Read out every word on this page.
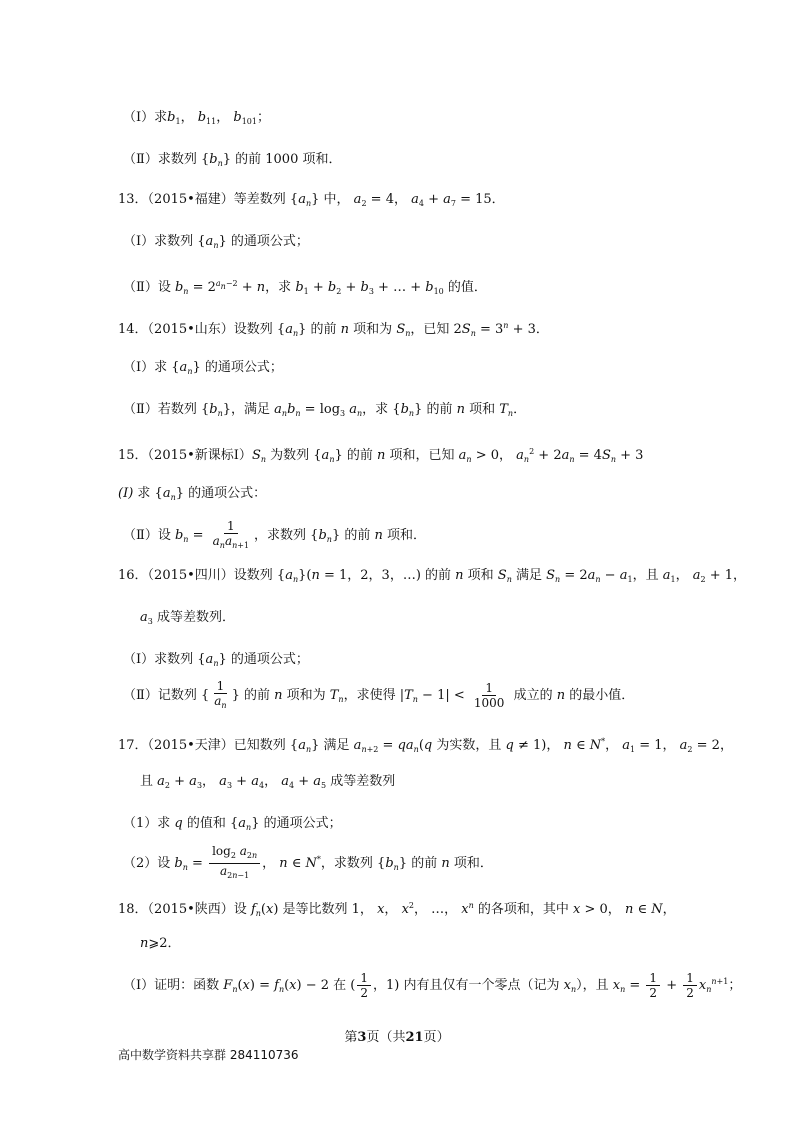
（Ⅰ）求$b_1$， $b_{11}$， $b_{101}$；
（Ⅱ）求数列 $\{b_n\}$ 的前 1000 项和．
13．（2015•福建）等差数列 $\{a_n\}$ 中， $a_2 = 4$， $a_4 + a_7 = 15$．
（Ⅰ）求数列 $\{a_n\}$ 的通项公式；
（Ⅱ）设 $b_n = 2^{a_n-2} + n$，求 $b_1 + b_2 + b_3$ + … + $b_{10}$ 的值．
14．（2015•山东）设数列 $\{a_n\}$ 的前 n 项和为 $S_n$，已知 $2S_n = 3^n + 3$．
（Ⅰ）求 $\{a_n\}$ 的通项公式；
（Ⅱ）若数列 $\{b_n\}$，满足 $a_nb_n = \log_3 a_n$，求 $\{b_n\}$ 的前 n 项和 $T_n$．
15．（2015•新课标$Ⅰ)S_n$ 为数列 $\{a_n\}$ 的前 n 项和，已知 $a_n > 0$， $a_n^2 + 2a_n = 4S_n + 3$
(I) 求 $\{a_n\}$ 的通项公式：
（Ⅱ）设 $b_n = \frac{1}{a_na_{n+1}}$ ，求数列 $\{b_n\}$ 的前 n 项和．
16．（2015•四川）设数列 $\{a_n\}(n = 1$，2，3，…) 的前 n 项和 $S_n$ 满足 $S_n = 2a_n - a_1$，且 $a_1$， $a_2 + 1$，
$a_3$ 成等差数列．
（Ⅰ）求数列 $\{a_n\}$ 的通项公式；
（Ⅱ）记数列 { $\frac{1}{a_n}$ } 的前 n 项和为 $T_n$，求使得 $|T_n - 1| < \frac{1}{1000}$ 成立的 n 的最小值．
17．（2015•天津）已知数列 $\{a_n\}$ 满足 $a_{n+2} = qa_n(q$ 为实数，且 q ≠ 1)， n ∈ N*， $a_1 = 1$， $a_2 = 2$，
且 $a_2 + a_3$， $a_3 + a_4$， $a_4 + a_5$ 成等差数列
（1）求 q 的值和 $\{a_n\}$ 的通项公式；
（2）设 $b_n = \frac{\log_2 a_{2n}}{a_{2n-1}}$ ， n ∈ N*，求数列 $\{b_n\}$ 的前 n 项和．
18．（2015•陕西）设 $f_n(x)$ 是等比数列 1， x， $x^2$， …， $x^n$ 的各项和，其中 x > 0， n ∈ N，
n⩾2．
（Ⅰ）证明：函数 $F_n(x) = f_n(x) - 2$ 在 ( $\frac{1}{2}$ ，1) 内有且仅有一个零点（记为 $x_n$），且 $x_n = \frac{1}{2} + \frac{1}{2} x_n^{n+1}$；
第3页（共21页）
高中数学资料共享群 284110736
